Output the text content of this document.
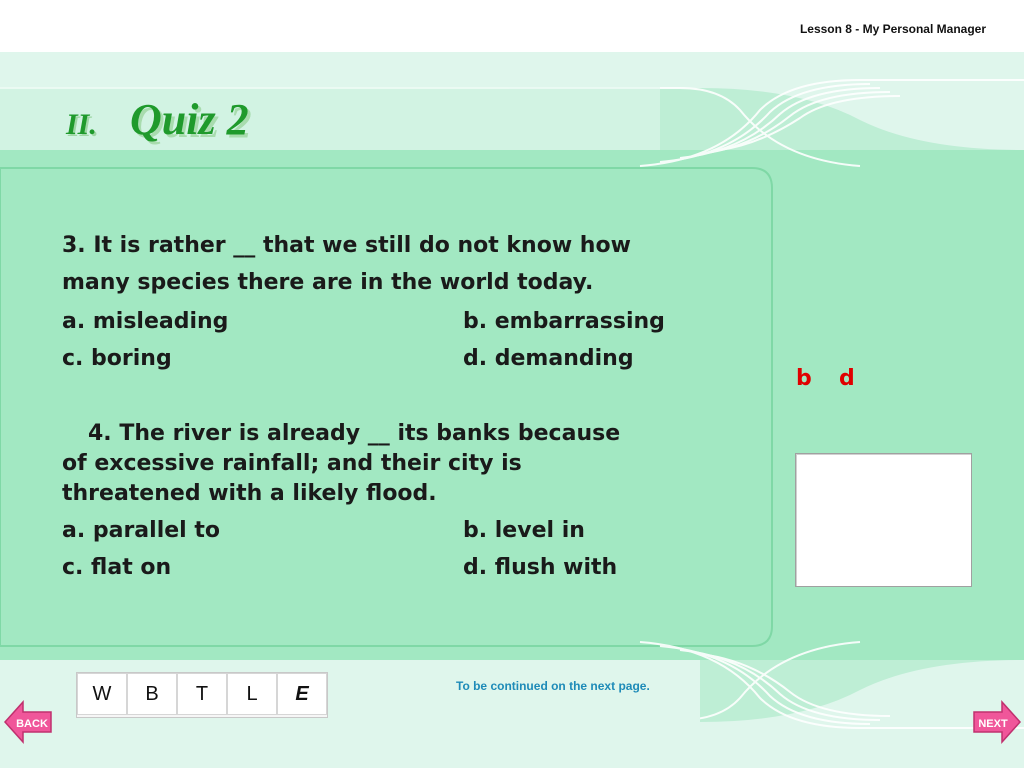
Lesson 8 - My Personal Manager
II. Quiz 2
3. It is rather __ that we still do not know how
many species there are in the world today.
a. misleading	b. embarrassing
c. boring	d. demanding
4. The river is already __ its banks because
of excessive rainfall; and their city is
threatened with a likely flood.
a. parallel to	b. level in
c. flat on	d. flush with
b d
W	B	T	L	E	To be continued on the next page.
BACK	NEXT
